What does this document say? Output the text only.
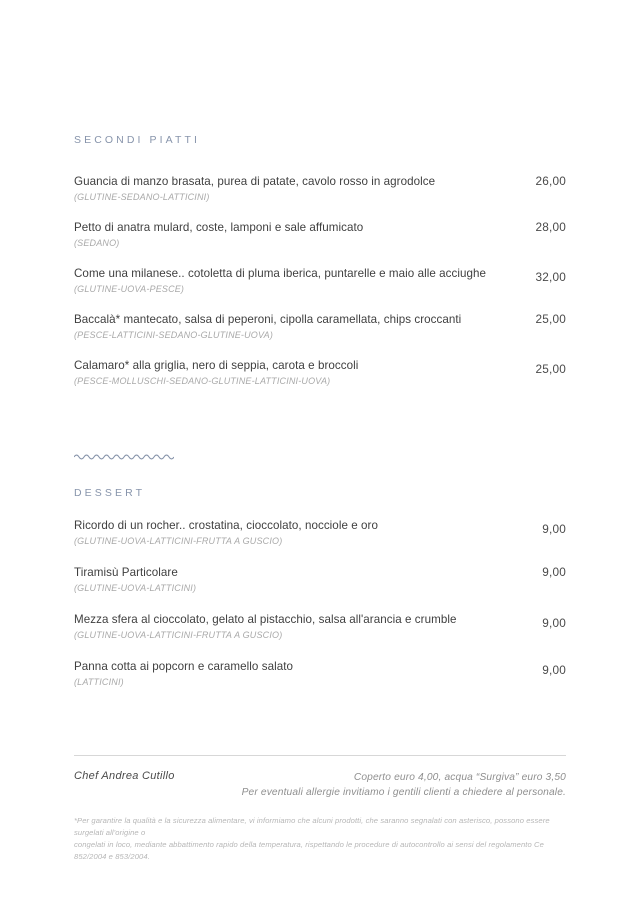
SECONDI PIATTI
Guancia di manzo brasata, purea di patate, cavolo rosso in agrodolce	26,00
(GLUTINE-SEDANO-LATTICINI)
Petto di anatra mulard, coste, lamponi e sale affumicato	28,00
(SEDANO)
Come una milanese.. cotoletta di pluma iberica, puntarelle e maio alle acciughe	32,00
(GLUTINE-UOVA-PESCE)
Baccalà* mantecato, salsa di peperoni, cipolla caramellata, chips croccanti	25,00
(PESCE-LATTICINI-SEDANO-GLUTINE-UOVA)
Calamaro* alla griglia, nero di seppia, carota e broccoli	25,00
(PESCE-MOLLUSCHI-SEDANO-GLUTINE-LATTICINI-UOVA)
DESSERT
Ricordo di un rocher.. crostatina, cioccolato, nocciole e oro	9,00
(GLUTINE-UOVA-LATTICINI-FRUTTA A GUSCIO)
Tiramisù Particolare	9,00
(GLUTINE-UOVA-LATTICINI)
Mezza sfera al cioccolato, gelato al pistacchio, salsa all'arancia e crumble	9,00
(GLUTINE-UOVA-LATTICINI-FRUTTA A GUSCIO)
Panna cotta ai popcorn e caramello salato	9,00
(LATTICINI)
Chef Andrea Cutillo	Coperto euro 4,00, acqua “Surgiva” euro 3,50
Per eventuali allergie invitiamo i gentili clienti a chiedere al personale.
*Per garantire la qualità e la sicurezza alimentare, vi informiamo che alcuni prodotti, che saranno segnalati con asterisco, possono essere surgelati all'origine o
congelati in loco, mediante abbattimento rapido della temperatura, rispettando le procedure di autocontrollo ai sensi del regolamento Ce 852/2004 e 853/2004.
